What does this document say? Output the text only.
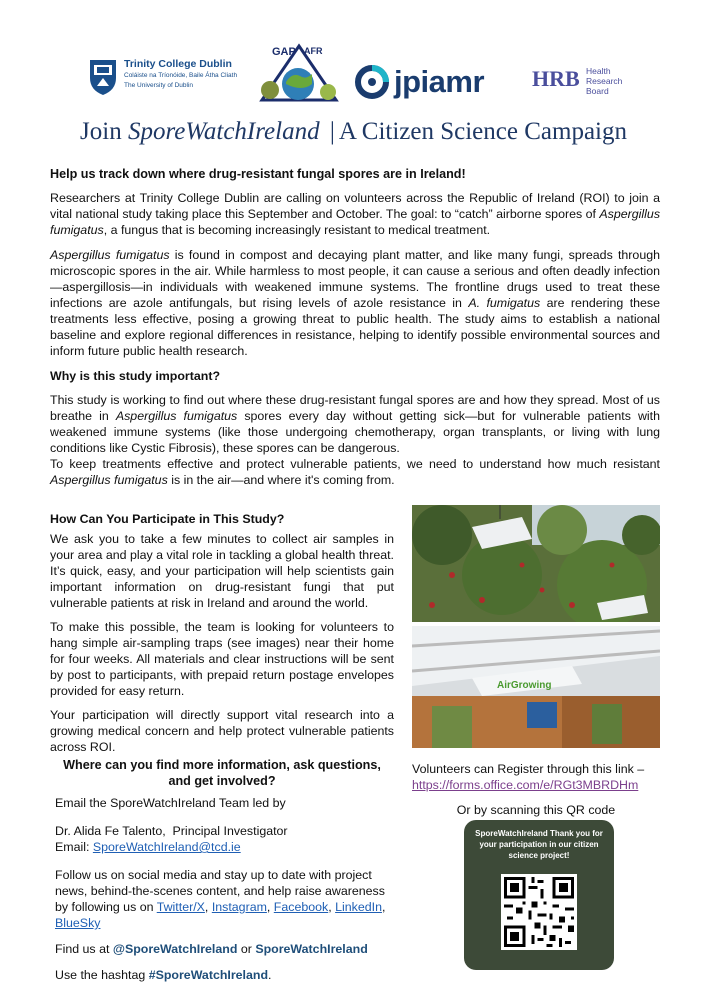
Trinity College Dublin
Coláiste na Tríonóide, Baile Átha Cliath
The University of Dublin
GAP AFR
jpiamr HRB Health
Research
Board
Join SporeWatchIreland | A Citizen Science Campaign

Help us track down where drug-resistant fungal spores are in Ireland!

Researchers at Trinity College Dublin are calling on volunteers across the Republic of Ireland (ROI) to join a vital national study taking place this September and October. The goal: to “catch” airborne spores of Aspergillus fumigatus, a fungus that is becoming increasingly resistant to medical treatment.

Aspergillus fumigatus is found in compost and decaying plant matter, and like many fungi, spreads through microscopic spores in the air. While harmless to most people, it can cause a serious and often deadly infection—aspergillosis—in individuals with weakened immune systems. The frontline drugs used to treat these infections are azole antifungals, but rising levels of azole resistance in A. fumigatus are rendering these treatments less effective, posing a growing threat to public health. The study aims to establish a national baseline and explore regional differences in resistance, helping to identify possible environmental sources and inform future public health research.

Why is this study important?

This study is working to find out where these drug-resistant fungal spores are and how they spread. Most of us breathe in Aspergillus fumigatus spores every day without getting sick—but for vulnerable patients with weakened immune systems (like those undergoing chemotherapy, organ transplants, or living with lung conditions like Cystic Fibrosis), these spores can be dangerous.

To keep treatments effective and protect vulnerable patients, we need to understand how much resistant Aspergillus fumigatus is in the air—and where it's coming from.

How Can You Participate in This Study?

We ask you to take a few minutes to collect air samples in your area and play a vital role in tackling a global health threat. It’s quick, easy, and your participation will help scientists gain important information on drug-resistant fungi that put vulnerable patients at risk in Ireland and around the world.

To make this possible, the team is looking for volunteers to hang simple air-sampling traps (see images) near their home for four weeks. All materials and clear instructions will be sent by post to participants, with prepaid return postage envelopes provided for easy return.

Your participation will directly support vital research into a growing medical concern and help protect vulnerable patients across ROI.

AirGrowing
Where can you find more information, ask questions,
and get involved?
Email the SporeWatchIreland Team led by
Dr. Alida Fe Talento,  Principal Investigator
Email: SporeWatchIreland@tcd.ie
Follow us on social media and stay up to date with project news, behind-the-scenes content, and help raise awareness by following us on Twitter/X, Instagram, Facebook, LinkedIn, BlueSky
Find us at @SporeWatchIreland or SporeWatchIreland
Use the hashtag #SporeWatchIreland.
Volunteers can Register through this link –
https://forms.office.com/e/RGt3MBRDHm
Or by scanning this QR code
SporeWatchIreland Thank you for your participation in our citizen science project!
